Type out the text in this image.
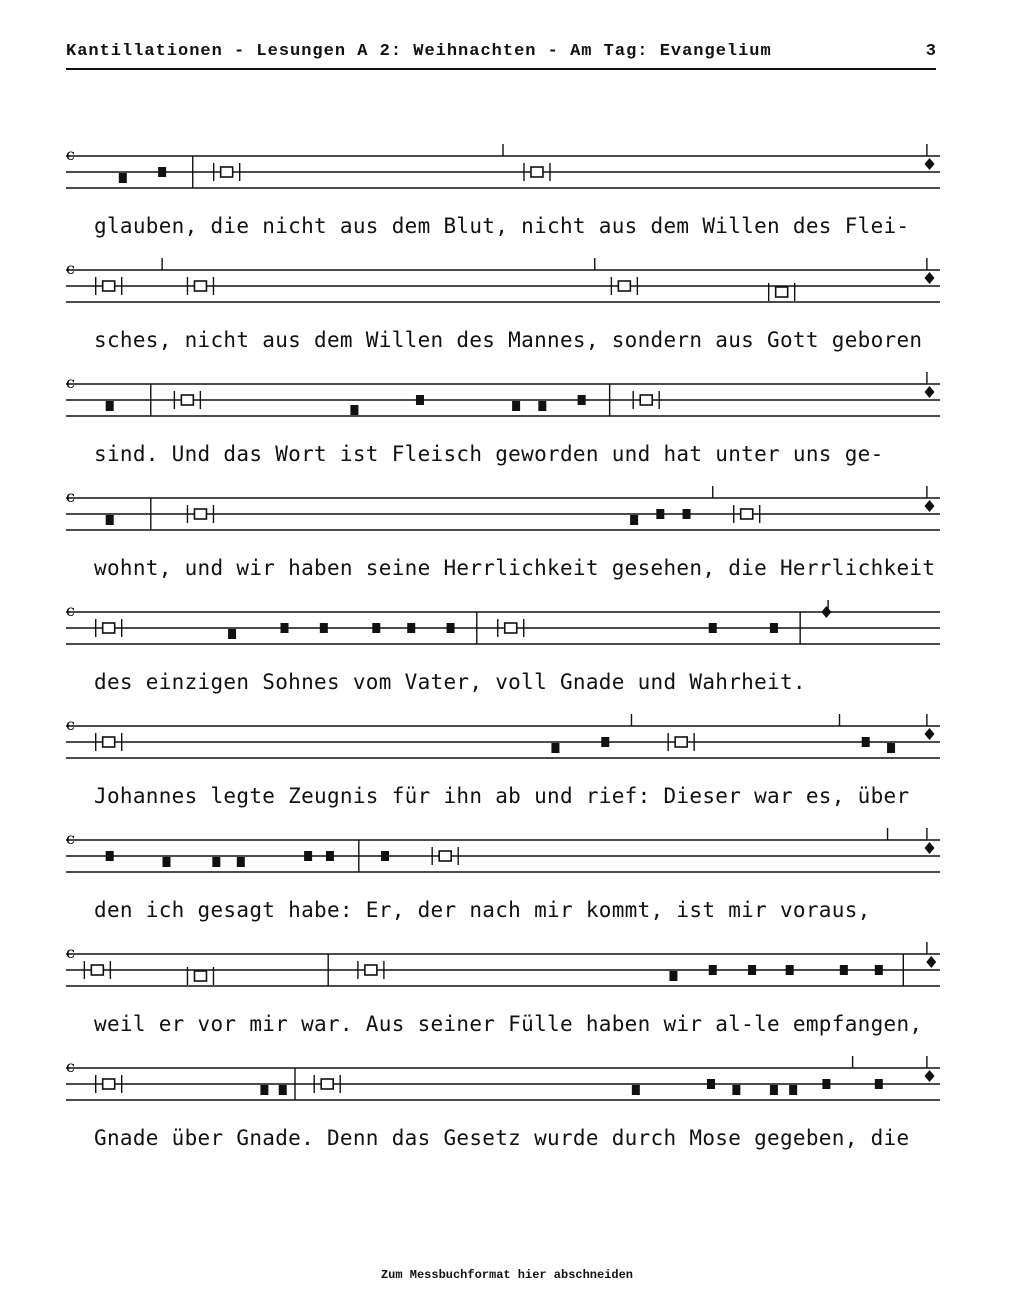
Kantillationen - Lesungen A 2: Weihnachten - Am Tag: Evangelium	3
c
glauben, die nicht aus dem Blut, nicht aus dem Willen des Flei-
c
sches, nicht aus dem Willen des Mannes, sondern aus Gott geboren
c
sind. Und das Wort ist Fleisch geworden und hat unter uns ge-
c
wohnt, und wir haben seine Herrlichkeit gesehen, die Herrlichkeit
c
des einzigen Sohnes vom Vater, voll Gnade und Wahrheit.
c
Johannes legte Zeugnis für ihn ab und rief: Dieser war es, über
c
den ich gesagt habe: Er, der nach mir kommt, ist mir voraus,
c
weil er vor mir war. Aus seiner Fülle haben wir al-le empfangen,
c
Gnade über Gnade. Denn das Gesetz wurde durch Mose gegeben, die
Zum Messbuchformat hier abschneiden
